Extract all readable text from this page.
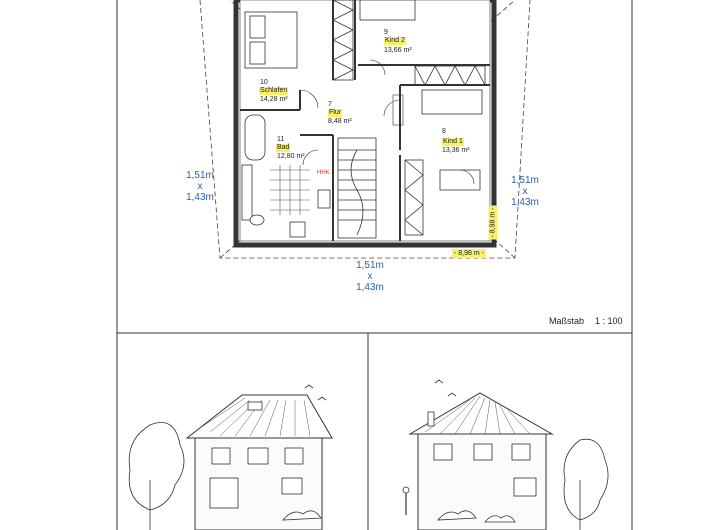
9
Kind 2
13,66 m²
10
Schlafen
14,28 m²
7
Flur
8,48 m²
8
Kind 1
13,36 m²
11
Bad
12,80 m²
HHK
1,51m
x
1,43m
1,51m
x
1,43m
1,51m
x
1,43m
- 8,98 m -
- 8,98 m -
Maßstab 1 : 100
